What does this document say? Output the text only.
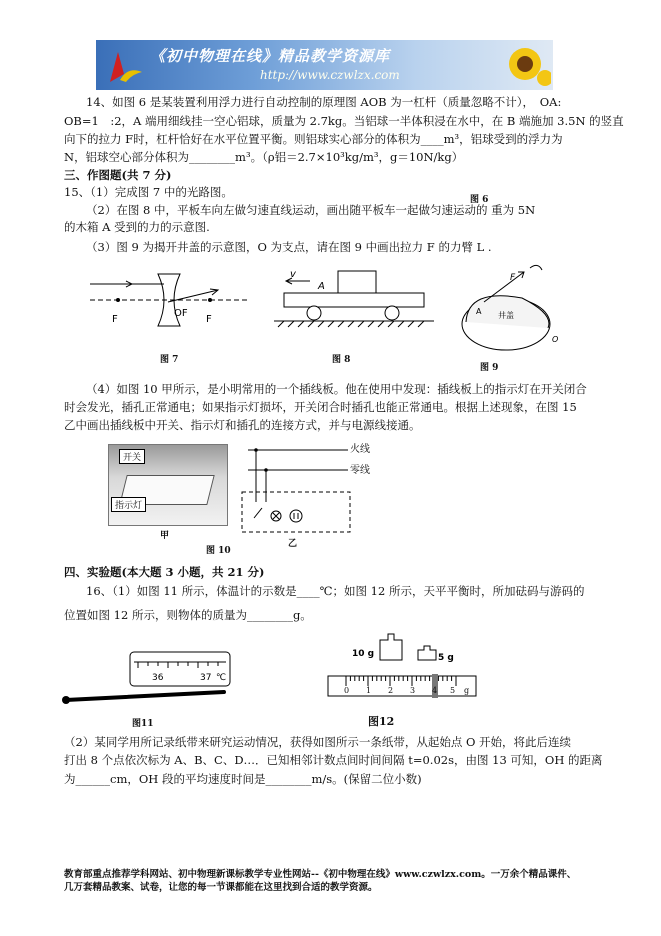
《初中物理在线》精品教学资源库
http://www.czwlzx.com
14、如图 6 是某装置利用浮力进行自动控制的原理图 AOB 为一杠杆（质量忽略不计），　OA:
OB=1　:2，A 端用细线挂一空心铝球，质量为 2.7kg。当铝球一半体积浸在水中，在 B 端施加 3.5N 的竖直
向下的拉力 F时，杠杆恰好在水平位置平衡。则铝球实心部分的体积为____m³，铝球受到的浮力为
N，铝球空心部分体积为________m³。（ρ铝＝2.7×10³kg/m³，g＝10N/kg）
三、作图题(共 7 分)
15、（1）完成图 7 中的光路图。
图 6
（2）在图 8 中，平板车向左做匀速直线运动，画出随平板车一起做匀速运动的 重为 5N
的木箱 A 受到的力的示意图.
（3）图 9 为揭开井盖的示意图，O 为支点，请在图 9 中画出拉力 F 的力臂 L .
F
OF
F
图 7
v
A
图 8
F
A 井盖
O
图 9
（4）如图 10 甲所示，是小明常用的一个插线板。他在使用中发现：插线板上的指示灯在开关闭合
时会发光，插孔正常通电；如果指示灯损坏，开关闭合时插孔也能正常通电。根据上述现象，在图 15
乙中画出插线板中开关、指示灯和插孔的连接方式，并与电源线接通。
开关
指示灯
甲
火线
零线
乙
图 10
四、实验题(本大题 3 小题，共 21 分)
16、（1）如图 11 所示，体温计的示数是____℃；如图 12 所示，天平平衡时，所加砝码与游码的
位置如图 12 所示，则物体的质量为________g。
36	37 ℃
图11
10 g	5 g
0 1 2 3 4 5 g
图12
（2）某同学用所记录纸带来研究运动情况，获得如图所示一条纸带，从起始点 O 开始，将此后连续
打出 8 个点依次标为 A、B、C、D…．已知相邻计数点间时间间隔 t=0.02s，由图 13 可知，OH 的距离
为______cm，OH 段的平均速度时间是________m/s。(保留二位小数)
教育部重点推荐学科网站、初中物理新课标教学专业性网站--《初中物理在线》www.czwlzx.com。一万余个精品课件、
几万套精品教案、试卷，让您的每一节课都能在这里找到合适的教学资源。
